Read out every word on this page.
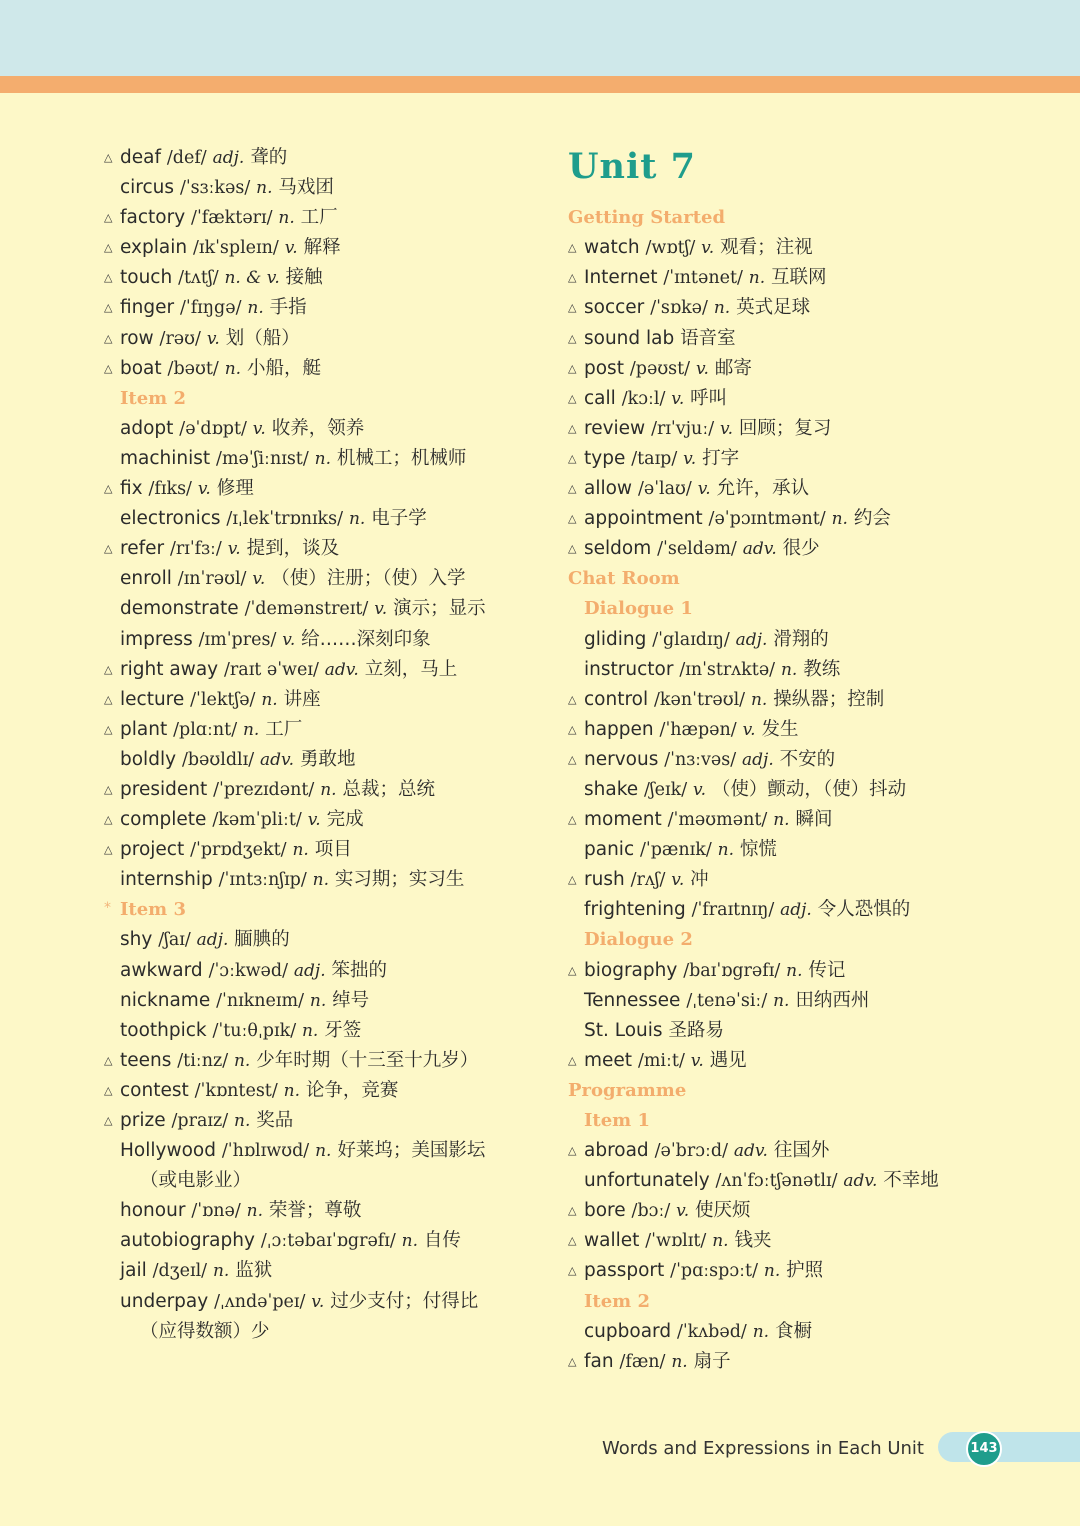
△ deaf /def/ adj. 聋的
circus /ˈsɜːkəs/ n. 马戏团
△ factory /ˈfæktərɪ/ n. 工厂
△ explain /ɪkˈspleɪn/ v. 解释
△ touch /tʌtʃ/ n. & v. 接触
△ finger /ˈfɪŋgə/ n. 手指
△ row /rəʊ/ v. 划（船）
△ boat /bəʊt/ n. 小船，艇
Item 2
adopt /əˈdɒpt/ v. 收养，领养
machinist /məˈʃiːnɪst/ n. 机械工；机械师
△ fix /fɪks/ v. 修理
electronics /ɪˌlekˈtrɒnɪks/ n. 电子学
△ refer /rɪˈfɜː/ v. 提到，谈及
enroll /ɪnˈrəʊl/ v. （使）注册；（使）入学
demonstrate /ˈdemənstreɪt/ v. 演示；显示
impress /ɪmˈpres/ v. 给……深刻印象
△ right away /raɪt əˈweɪ/ adv. 立刻，马上
△ lecture /ˈlektʃə/ n. 讲座
△ plant /plɑːnt/ n. 工厂
boldly /bəʊldlɪ/ adv. 勇敢地
△ president /ˈprezɪdənt/ n. 总裁；总统
△ complete /kəmˈpliːt/ v. 完成
△ project /ˈprɒdʒekt/ n. 项目
internship /ˈɪntɜːnʃɪp/ n. 实习期；实习生
* Item 3
shy /ʃaɪ/ adj. 腼腆的
awkward /ˈɔːkwəd/ adj. 笨拙的
nickname /ˈnɪkneɪm/ n. 绰号
toothpick /ˈtuːθˌpɪk/ n. 牙签
△ teens /tiːnz/ n. 少年时期（十三至十九岁）
△ contest /ˈkɒntest/ n. 论争，竞赛
△ prize /praɪz/ n. 奖品
Hollywood /ˈhɒlɪwʊd/ n. 好莱坞；美国影坛
（或电影业）
honour /ˈɒnə/ n. 荣誉；尊敬
autobiography /ˌɔːtəbaɪˈɒgrəfɪ/ n. 自传
jail /dʒeɪl/ n. 监狱
underpay /ˌʌndəˈpeɪ/ v. 过少支付；付得比
（应得数额）少
Unit 7
Getting Started
△ watch /wɒtʃ/ v. 观看；注视
△ Internet /ˈɪntənet/ n. 互联网
△ soccer /ˈsɒkə/ n. 英式足球
△ sound lab 语音室
△ post /pəʊst/ v. 邮寄
△ call /kɔːl/ v. 呼叫
△ review /rɪˈvjuː/ v. 回顾；复习
△ type /taɪp/ v. 打字
△ allow /əˈlaʊ/ v. 允许，承认
△ appointment /əˈpɔɪntmənt/ n. 约会
△ seldom /ˈseldəm/ adv. 很少
Chat Room
Dialogue 1
gliding /ˈglaɪdɪŋ/ adj. 滑翔的
instructor /ɪnˈstrʌktə/ n. 教练
△ control /kənˈtrəʊl/ n. 操纵器；控制
△ happen /ˈhæpən/ v. 发生
△ nervous /ˈnɜːvəs/ adj. 不安的
shake /ʃeɪk/ v. （使）颤动，（使）抖动
△ moment /ˈməʊmənt/ n. 瞬间
panic /ˈpænɪk/ n. 惊慌
△ rush /rʌʃ/ v. 冲
frightening /ˈfraɪtnɪŋ/ adj. 令人恐惧的
Dialogue 2
△ biography /baɪˈɒgrəfɪ/ n. 传记
Tennessee /ˌtenəˈsiː/ n. 田纳西州
St. Louis 圣路易
△ meet /miːt/ v. 遇见
Programme
Item 1
△ abroad /əˈbrɔːd/ adv. 往国外
unfortunately /ʌnˈfɔːtʃənətlɪ/ adv. 不幸地
△ bore /bɔː/ v. 使厌烦
△ wallet /ˈwɒlɪt/ n. 钱夹
△ passport /ˈpɑːspɔːt/ n. 护照
Item 2
cupboard /ˈkʌbəd/ n. 食橱
△ fan /fæn/ n. 扇子
Words and Expressions in Each Unit	143
